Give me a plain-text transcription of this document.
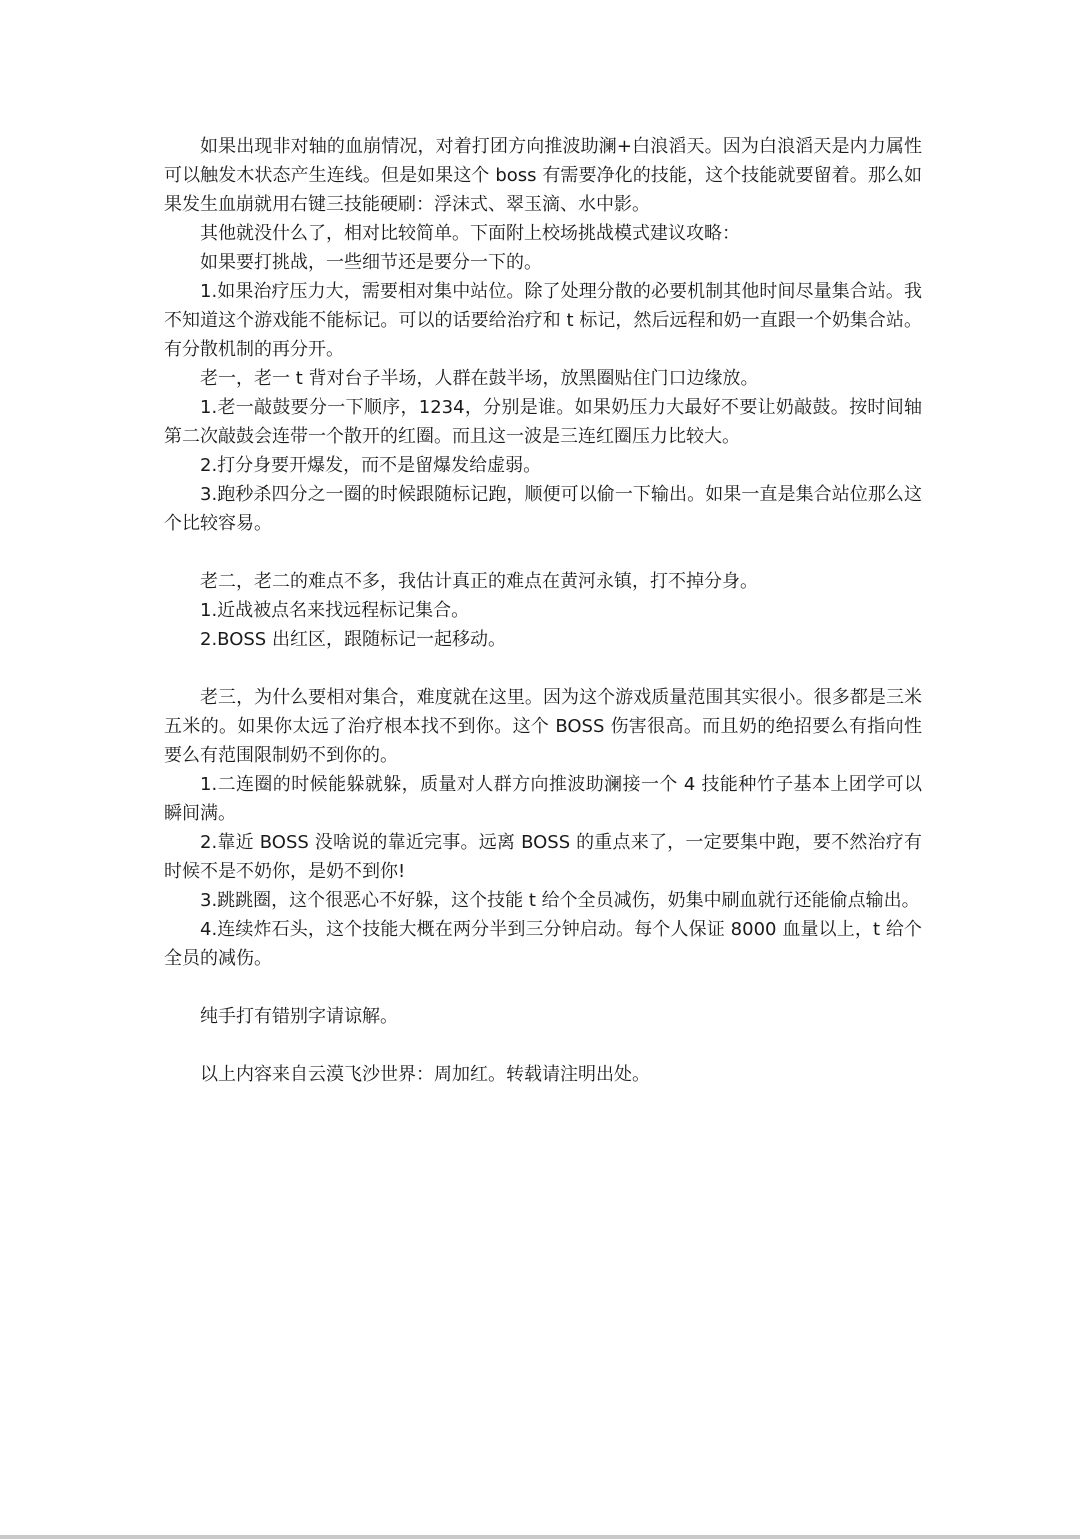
如果出现非对轴的血崩情况，对着打团方向推波助澜+白浪滔天。因为白浪滔天是内力属性可以触发木状态产生连线。但是如果这个 boss 有需要净化的技能，这个技能就要留着。那么如果发生血崩就用右键三技能硬刷：浮沫式、翠玉滴、水中影。

其他就没什么了，相对比较简单。下面附上校场挑战模式建议攻略：

如果要打挑战，一些细节还是要分一下的。

1.如果治疗压力大，需要相对集中站位。除了处理分散的必要机制其他时间尽量集合站。我不知道这个游戏能不能标记。可以的话要给治疗和 t 标记，然后远程和奶一直跟一个奶集合站。有分散机制的再分开。

老一，老一 t 背对台子半场，人群在鼓半场，放黑圈贴住门口边缘放。

1.老一敲鼓要分一下顺序，1234，分别是谁。如果奶压力大最好不要让奶敲鼓。按时间轴第二次敲鼓会连带一个散开的红圈。而且这一波是三连红圈压力比较大。

2.打分身要开爆发，而不是留爆发给虚弱。

3.跑秒杀四分之一圈的时候跟随标记跑，顺便可以偷一下输出。如果一直是集合站位那么这个比较容易。

老二，老二的难点不多，我估计真正的难点在黄河永镇，打不掉分身。

1.近战被点名来找远程标记集合。

2.BOSS 出红区，跟随标记一起移动。

老三，为什么要相对集合，难度就在这里。因为这个游戏质量范围其实很小。很多都是三米五米的。如果你太远了治疗根本找不到你。这个 BOSS 伤害很高。而且奶的绝招要么有指向性要么有范围限制奶不到你的。

1.二连圈的时候能躲就躲，质量对人群方向推波助澜接一个 4 技能种竹子基本上团学可以瞬间满。

2.靠近 BOSS 没啥说的靠近完事。远离 BOSS 的重点来了，一定要集中跑，要不然治疗有时候不是不奶你，是奶不到你!

3.跳跳圈，这个很恶心不好躲，这个技能 t 给个全员减伤，奶集中刷血就行还能偷点输出。

4.连续炸石头，这个技能大概在两分半到三分钟启动。每个人保证 8000 血量以上，t 给个全员的减伤。

纯手打有错别字请谅解。

以上内容来自云漠飞沙世界：周加红。转载请注明出处。
